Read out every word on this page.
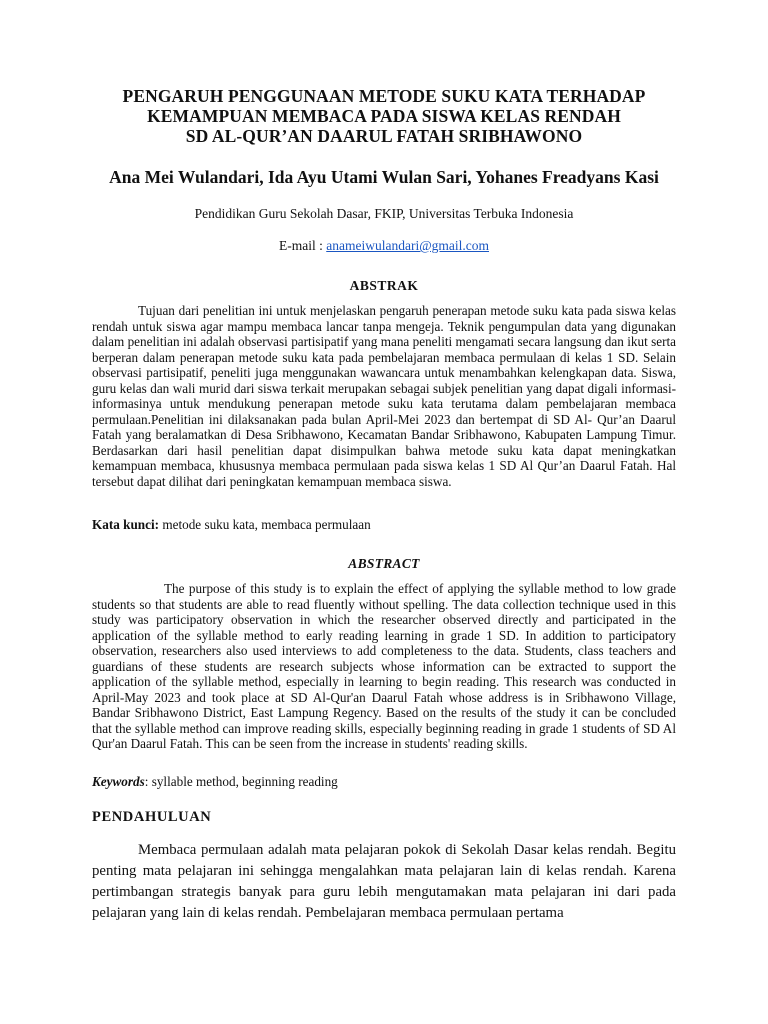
PENGARUH PENGGUNAAN METODE SUKU KATA TERHADAP

KEMAMPUAN MEMBACA PADA SISWA KELAS RENDAH

SD AL-QUR’AN DAARUL FATAH SRIBHAWONO

Ana Mei Wulandari, Ida Ayu Utami Wulan Sari, Yohanes Freadyans Kasi

Pendidikan Guru Sekolah Dasar, FKIP, Universitas Terbuka Indonesia

E-mail : anameiwulandari@gmail.com

ABSTRAK

Tujuan dari penelitian ini untuk menjelaskan pengaruh penerapan metode suku kata pada siswa kelas rendah untuk siswa agar mampu membaca lancar tanpa mengeja. Teknik pengumpulan data yang digunakan dalam penelitian ini adalah observasi partisipatif yang mana peneliti mengamati secara langsung dan ikut serta berperan dalam penerapan metode suku kata pada pembelajaran membaca permulaan di kelas 1 SD. Selain observasi partisipatif, peneliti juga menggunakan wawancara untuk menambahkan kelengkapan data. Siswa, guru kelas dan wali murid dari siswa terkait merupakan sebagai subjek penelitian yang dapat digali informasi-informasinya untuk mendukung penerapan metode suku kata terutama dalam pembelajaran membaca permulaan.Penelitian ini dilaksanakan pada bulan April-Mei 2023 dan bertempat di SD Al- Qur’an Daarul Fatah yang beralamatkan di Desa Sribhawono, Kecamatan Bandar Sribhawono, Kabupaten Lampung Timur. Berdasarkan dari hasil penelitian dapat disimpulkan bahwa metode suku kata dapat meningkatkan kemampuan membaca, khususnya membaca permulaan pada siswa kelas 1 SD Al Qur’an Daarul Fatah. Hal tersebut dapat dilihat dari peningkatan kemampuan membaca siswa.

Kata kunci: metode suku kata, membaca permulaan

ABSTRACT

The purpose of this study is to explain the effect of applying the syllable method to low grade students so that students are able to read fluently without spelling. The data collection technique used in this study was participatory observation in which the researcher observed directly and participated in the application of the syllable method to early reading learning in grade 1 SD. In addition to participatory observation, researchers also used interviews to add completeness to the data. Students, class teachers and guardians of these students are research subjects whose information can be extracted to support the application of the syllable method, especially in learning to begin reading. This research was conducted in April-May 2023 and took place at SD Al-Qur'an Daarul Fatah whose address is in Sribhawono Village, Bandar Sribhawono District, East Lampung Regency. Based on the results of the study it can be concluded that the syllable method can improve reading skills, especially beginning reading in grade 1 students of SD Al Qur'an Daarul Fatah. This can be seen from the increase in students' reading skills.

Keywords: syllable method, beginning reading

PENDAHULUAN

Membaca permulaan adalah mata pelajaran pokok di Sekolah Dasar kelas rendah. Begitu penting mata pelajaran ini sehingga mengalahkan mata pelajaran lain di kelas rendah. Karena pertimbangan strategis banyak para guru lebih mengutamakan mata pelajaran ini dari pada pelajaran yang lain di kelas rendah. Pembelajaran membaca permulaan pertama
